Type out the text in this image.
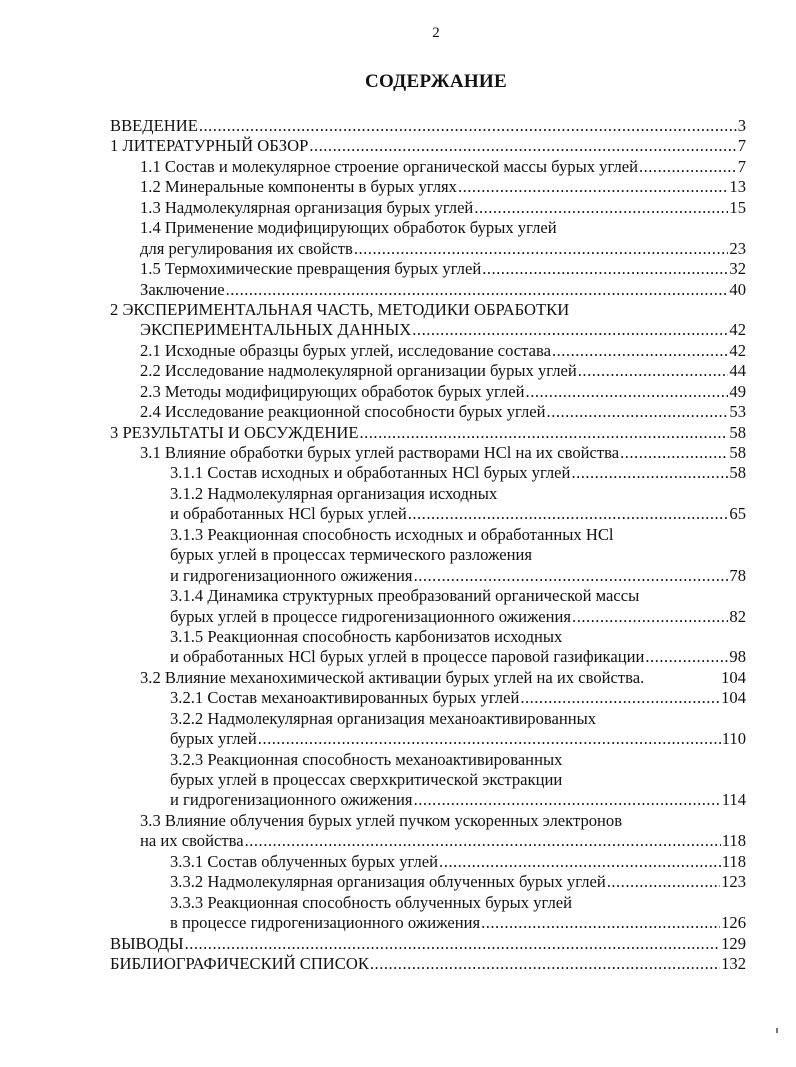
2
СОДЕРЖАНИЕ
ВВЕДЕНИЕ .....	3
1 ЛИТЕРАТУРНЫЙ ОБЗОР .....	7
1.1 Состав и молекулярное строение органической массы бурых углей .....	7
1.2 Минеральные компоненты в бурых углях .....	13
1.3 Надмолекулярная организация бурых углей .....	15
1.4 Применение модифицирующих обработок бурых углей
для регулирования их свойств .....	23
1.5 Термохимические превращения бурых углей .....	32
Заключение .....	40
2 ЭКСПЕРИМЕНТАЛЬНАЯ ЧАСТЬ, МЕТОДИКИ ОБРАБОТКИ
ЭКСПЕРИМЕНТАЛЬНЫХ ДАННЫХ .....	42
2.1 Исходные образцы бурых углей, исследование состава .....	42
2.2 Исследование надмолекулярной организации бурых углей .....	44
2.3 Методы модифицирующих обработок бурых углей .....	49
2.4 Исследование реакционной способности бурых углей .....	53
3 РЕЗУЛЬТАТЫ И ОБСУЖДЕНИЕ .....	58
3.1 Влияние обработки бурых углей растворами HCl на их свойства .....	58
3.1.1 Состав исходных и обработанных HCl бурых углей .....	58
3.1.2 Надмолекулярная организация исходных
и обработанных HCl бурых углей .....	65
3.1.3 Реакционная способность исходных и обработанных HCl
бурых углей в процессах термического разложения
и гидрогенизационного ожижения .....	78
3.1.4 Динамика структурных преобразований органической массы
бурых углей в процессе гидрогенизационного ожижения .....	82
3.1.5 Реакционная способность карбонизатов исходных
и обработанных HCl бурых углей в процессе паровой газификации .....	98
3.2 Влияние механохимической активации бурых углей на их свойства.	104
3.2.1 Состав механоактивированных бурых углей .....	104
3.2.2 Надмолекулярная организация механоактивированных
бурых углей .....	110
3.2.3 Реакционная способность механоактивированных
бурых углей в процессах сверхкритической экстракции
и гидрогенизационного ожижения .....	114
3.3 Влияние облучения бурых углей пучком ускоренных электронов
на их свойства .....	118
3.3.1 Состав облученных бурых углей .....	118
3.3.2 Надмолекулярная организация облученных бурых углей .....	123
3.3.3 Реакционная способность облученных бурых углей
в процессе гидрогенизационного ожижения .....	126
ВЫВОДЫ .....	129
БИБЛИОГРАФИЧЕСКИЙ СПИСОК .....	132
